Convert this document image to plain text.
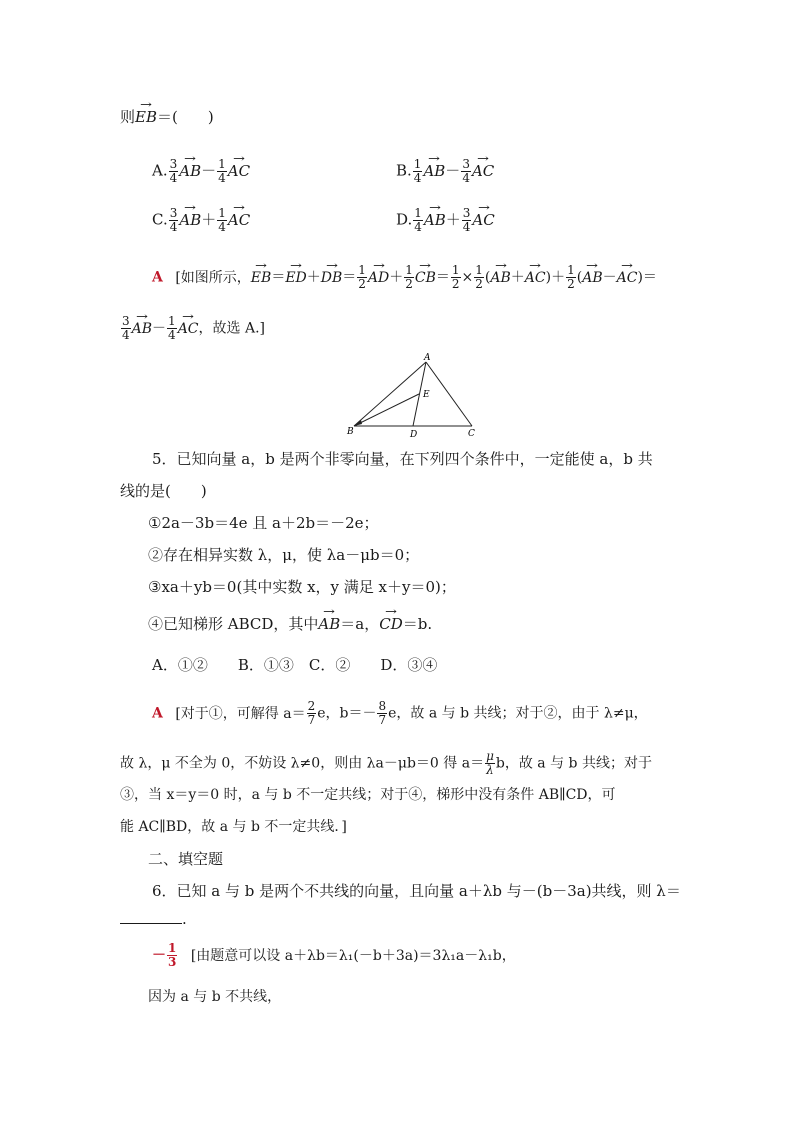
则→ EB＝(　　)
A. $\frac{3}{4}$
→ $AB- \frac{1}{4}$
→ AC	B. $\frac{1}{4}$
→ $AB- \frac{3}{4}$
→ AC
C. $\frac{3}{4}$
→ $AB+ \frac{1}{4}$
→ AC	D. $\frac{1}{4}$
→ $AB+ \frac{3}{4}$
→ AC
A [如图所示，→ $EB=\to ED+\to DB= \frac{1}{2}$
→ $AD+ \frac{1}{2}$
→ $CB= \frac{1}{2} \times \frac{1}{2}$ (→ $AB+\to AC)+ \frac{1}{2}$ (→ AB－→ AC)＝
$\frac{3}{4}$
→ $AB- \frac{1}{4}$
→ AC，故选 A.]
A
B	C
D
E
5．已知向量 a，b 是两个非零向量，在下列四个条件中，一定能使 a，b 共
线的是(　　)
①2a－3b＝4e 且 a＋2b＝－2e；
②存在相异实数 λ，μ，使 λa－μb＝0；
③xa＋yb＝0(其中实数 x，y 满足 x＋y＝0)；
④已知梯形 ABCD，其中→ AB＝a，→ CD＝b.
A．①②　　B．①③　C．②　　D．③④
A [对于①，可解得 $a= \frac{2}{7}$ e，$b=- \frac{8}{7}$ e，故 a 与 b 共线；对于②，由于 λ≠μ，
故 λ，μ 不全为 0，不妨设 λ≠0，则由 λa－μb＝0 得 $a= \frac{\mu}{\lambda}$ b，故 a 与 b 共线；对于
③，当 x＝y＝0 时，a 与 b 不一定共线；对于④，梯形中没有条件 AB∥CD，可
能 AC∥BD，故 a 与 b 不一定共线．]
二、填空题
6．已知 a 与 b 是两个不共线的向量，且向量 a＋λb 与－(b－3a)共线，则 λ＝
.
－ $\frac{1}{3}$ [由题意可以设 a＋λb＝λ₁(－b＋3a)＝3λ₁a－λ₁b，
因为 a 与 b 不共线，
